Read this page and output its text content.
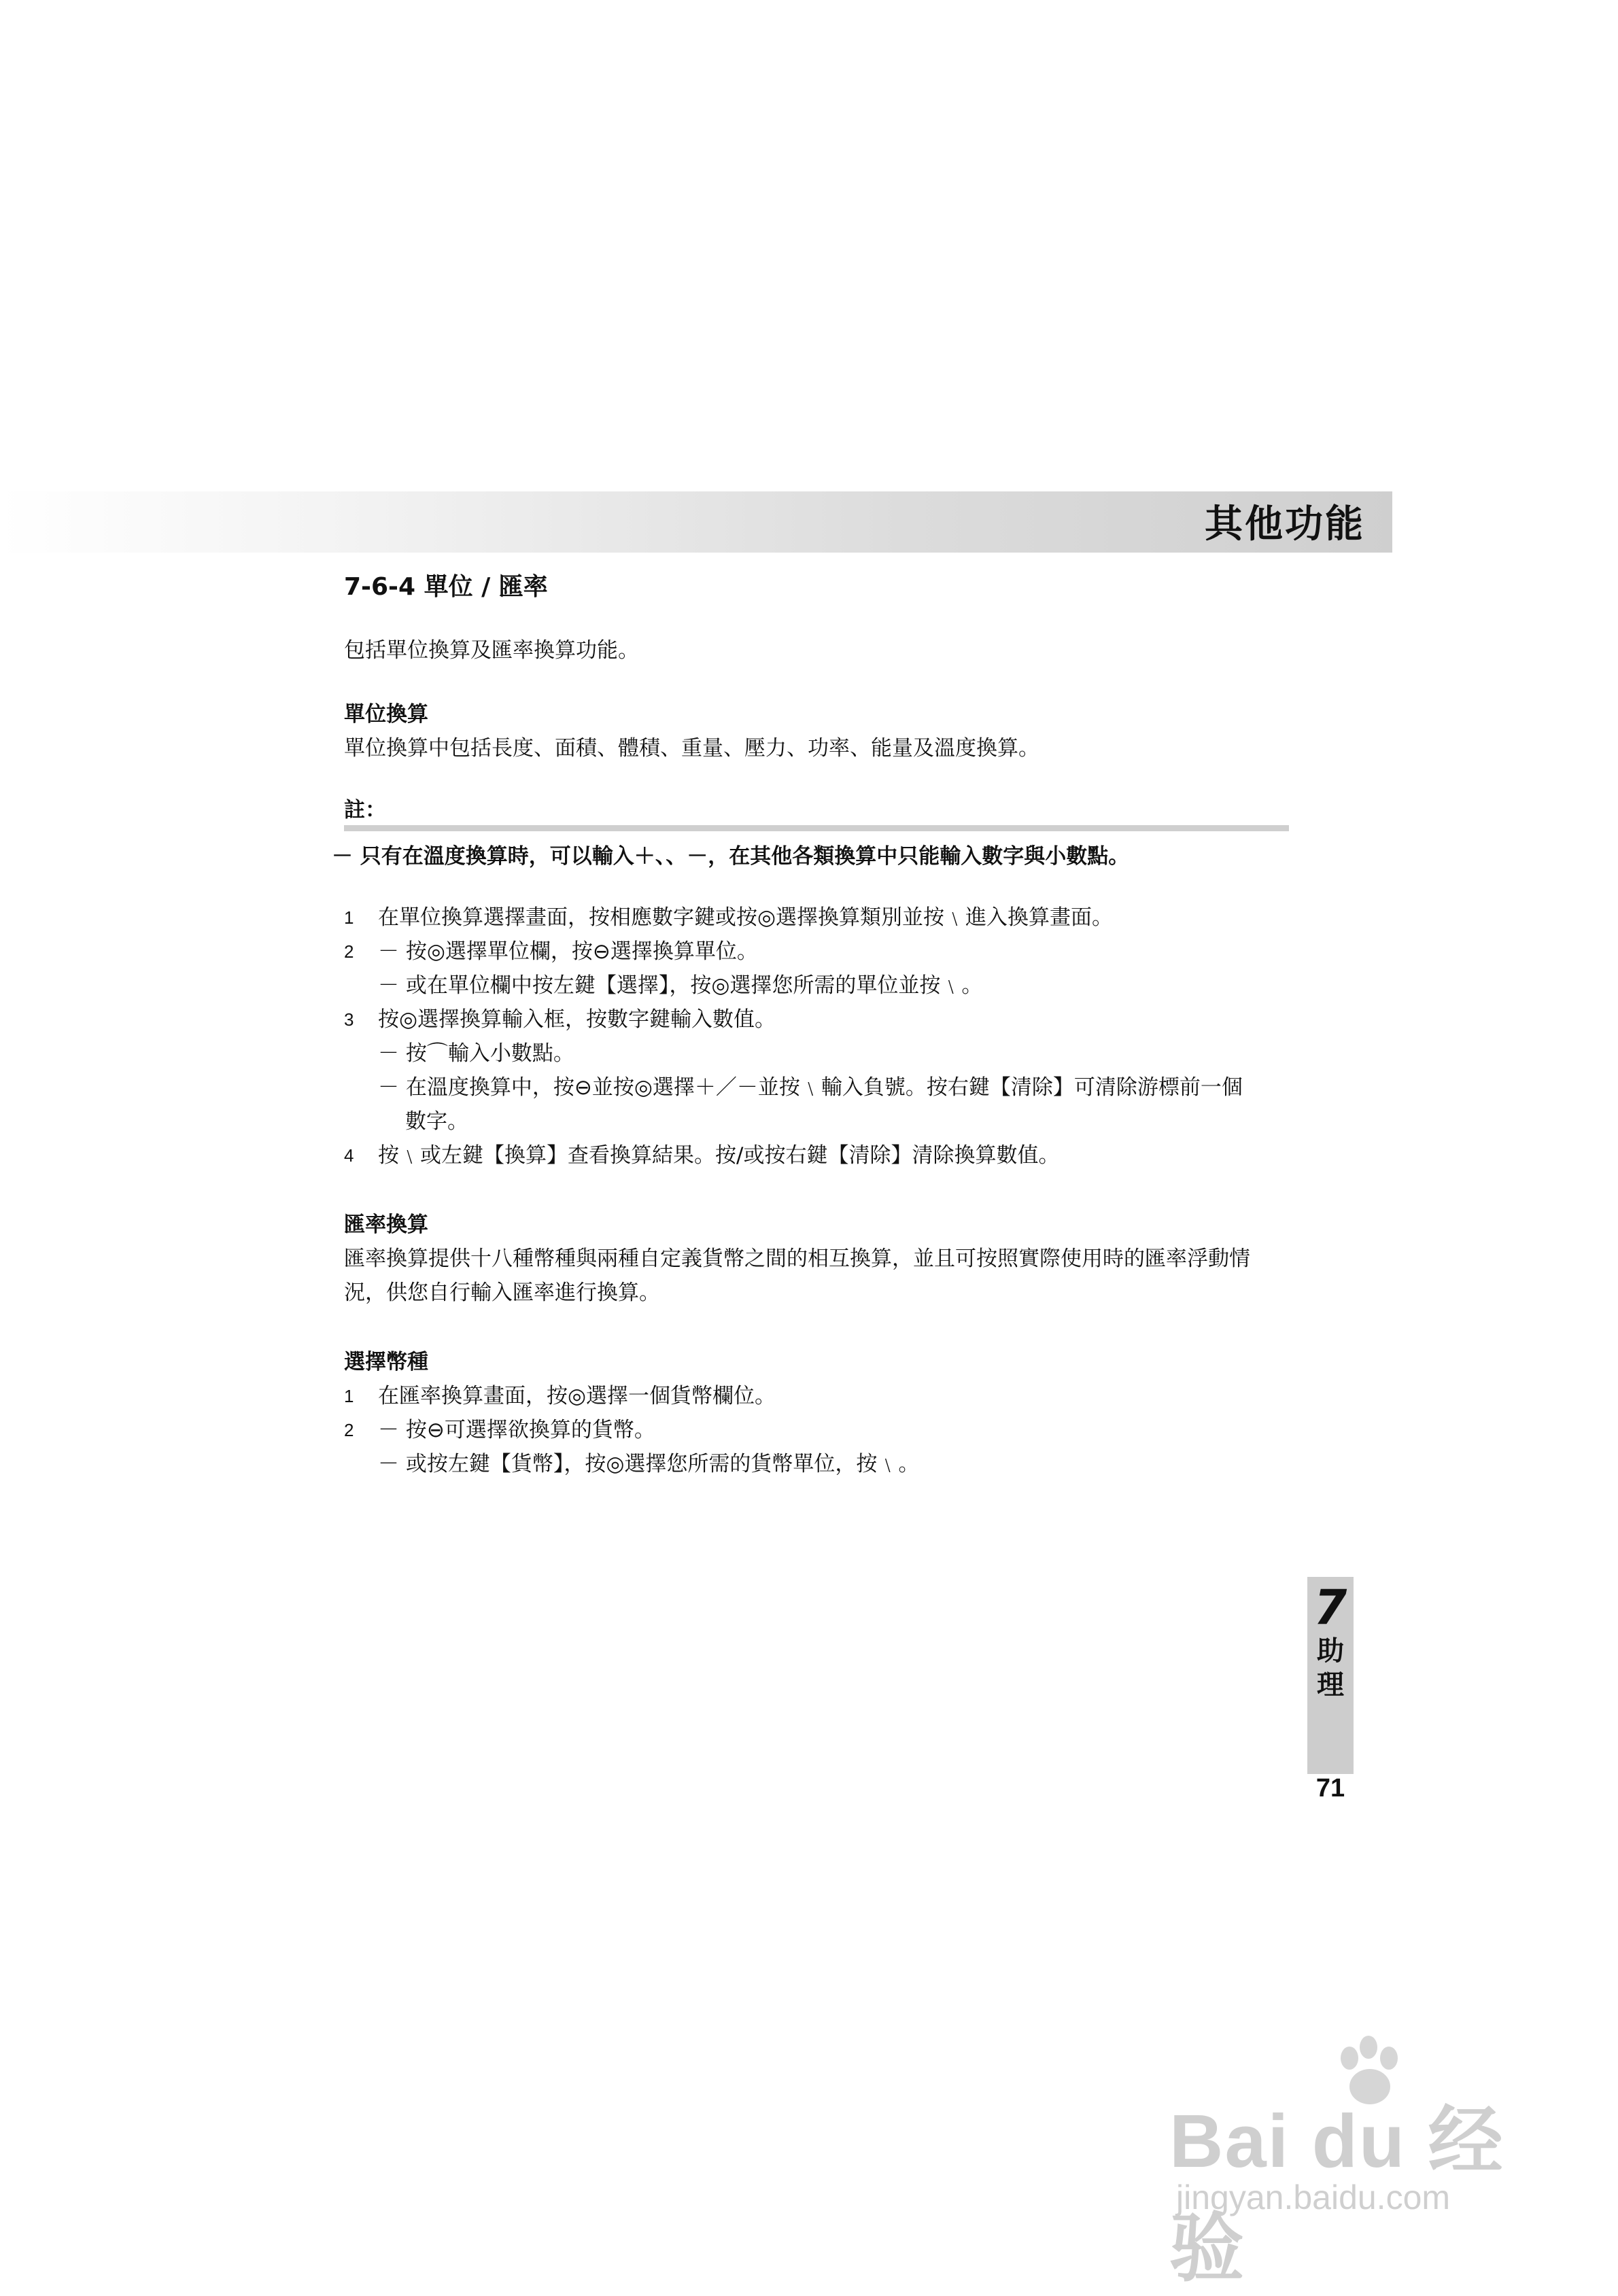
其他功能
7-6-4 單位 / 匯率

包括單位換算及匯率換算功能。

單位換算

單位換算中包括長度、面積、體積、重量、壓力、功率、能量及溫度換算。

註：
－ 只有在溫度換算時，可以輸入＋、、－，在其他各類換算中只能輸入數字與小數點。
1 在單位換算選擇畫面，按相應數字鍵或按◎選擇換算類別並按﹨進入換算畫面。
2 － 按◎選擇單位欄，按⊖選擇換算單位。
－ 或在單位欄中按左鍵【選擇】，按◎選擇您所需的單位並按﹨。
3 按◎選擇換算輸入框，按數字鍵輸入數值。
－ 按⌒輸入小數點。
－ 在溫度換算中，按⊖並按◎選擇＋／－並按﹨輸入負號。按右鍵【清除】可清除游標前一個
數字。
4 按﹨或左鍵【換算】查看換算結果。按∕或按右鍵【清除】清除換算數值。
匯率換算

匯率換算提供十八種幣種與兩種自定義貨幣之間的相互換算，並且可按照實際使用時的匯率浮動情

況，供您自行輸入匯率進行換算。

選擇幣種
1 在匯率換算畫面，按◎選擇一個貨幣欄位。
2 － 按⊖可選擇欲換算的貨幣。
－ 或按左鍵【貨幣】，按◎選擇您所需的貨幣單位，按﹨。
7
助
理
71
Bai du 经验
jingyan.baidu.com
